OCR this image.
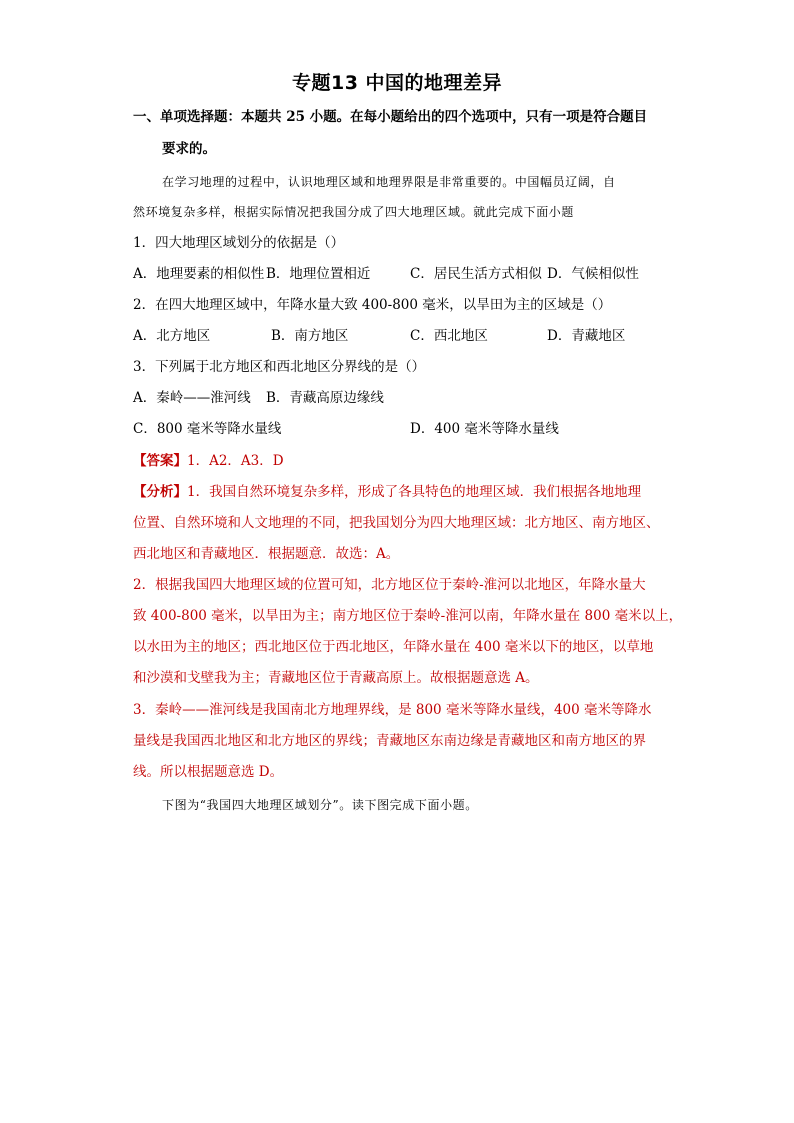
专题13 中国的地理差异
一、单项选择题：本题共 25 小题。在每小题给出的四个选项中，只有一项是符合题目
要求的。
在学习地理的过程中，认识地理区域和地理界限是非常重要的。中国幅员辽阔，自
然环境复杂多样，根据实际情况把我国分成了四大地理区域。就此完成下面小题
1．四大地理区域划分的依据是（）
A．地理要素的相似性 B．地理位置相近	C．居民生活方式相似 D．气候相似性
2．在四大地理区域中，年降水量大致 400-800 毫米，以旱田为主的区域是（）
A．北方地区	B．南方地区	C．西北地区	D．青藏地区
3．下列属于北方地区和西北地区分界线的是（）
A．秦岭——淮河线 B．青藏高原边缘线
C．800 毫米等降水量线	D．400 毫米等降水量线
【答案】1．A2．A3．D
【分析】1．我国自然环境复杂多样，形成了各具特色的地理区域．我们根据各地地理
位置、自然环境和人文地理的不同，把我国划分为四大地理区域：北方地区、南方地区、
西北地区和青藏地区．根据题意．故选：A。
2．根据我国四大地理区域的位置可知，北方地区位于秦岭-淮河以北地区，年降水量大
致 400-800 毫米，以旱田为主；南方地区位于秦岭-淮河以南，年降水量在 800 毫米以上，
以水田为主的地区；西北地区位于西北地区，年降水量在 400 毫米以下的地区，以草地
和沙漠和戈壁我为主；青藏地区位于青藏高原上。故根据题意选 A。
3．秦岭——淮河线是我国南北方地理界线，是 800 毫米等降水量线，400 毫米等降水
量线是我国西北地区和北方地区的界线；青藏地区东南边缘是青藏地区和南方地区的界
线。所以根据题意选 D。
下图为“我国四大地理区域划分”。读下图完成下面小题。
